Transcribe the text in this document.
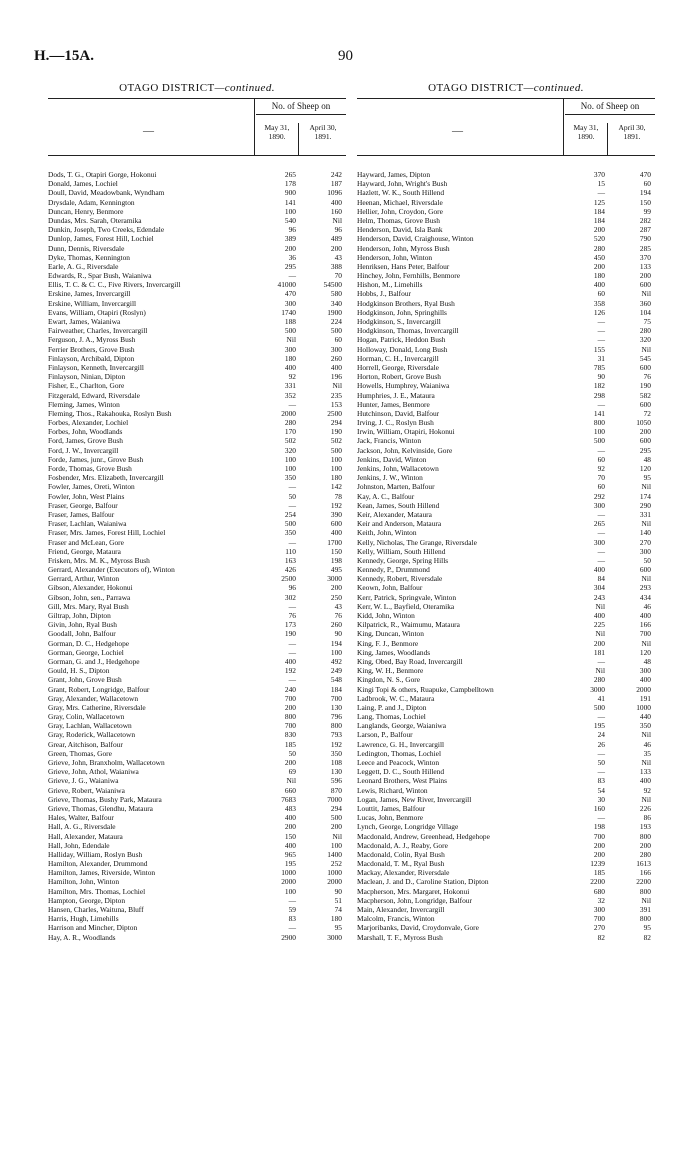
H.—15A.	90
OTAGO DISTRICT—continued.
—
No. of Sheep on
May 31,
1890.
April 30,
1891.
Dods, T. G., Otapiri Gorge, Hokonui	265	242
Donald, James, Lochiel	178	187
Doull, David, Meadowbank, Wyndham	900	1096
Drysdale, Adam, Kennington	141	400
Duncan, Henry, Benmore	100	160
Dundas, Mrs. Sarah, Oteramika	540	Nil
Dunkin, Joseph, Two Creeks, Edendale	96	96
Dunlop, James, Forest Hill, Lochiel	389	489
Dunn, Dennis, Riversdale	200	200
Dyke, Thomas, Kennington	36	43
Earle, A. G., Riversdale	295	388
Edwards, R., Spar Bush, Waianiwa	—	70
Ellis, T. C. & C. C., Five Rivers, Invercargill	41000	54500
Erskine, James, Invercargill	470	580
Erskine, William, Invercargill	300	340
Evans, William, Otapiri (Roslyn)	1740	1900
Ewart, James, Waianiwa	188	224
Fairweather, Charles, Invercargill	500	500
Ferguson, J. A., Myross Bush	Nil	60
Ferrier Brothers, Grove Bush	300	300
Finlayson, Archibald, Dipton	180	260
Finlayson, Kenneth, Invercargill	400	400
Finlayson, Ninian, Dipton	92	196
Fisher, E., Charlton, Gore	331	Nil
Fitzgerald, Edward, Riversdale	352	235
Fleming, James, Winton	—	153
Fleming, Thos., Rakahouka, Roslyn Bush	2000	2500
Forbes, Alexander, Lochiel	280	294
Forbes, John, Woodlands	170	190
Ford, James, Grove Bush	502	502
Ford, J. W., Invercargill	320	500
Forde, James, junr., Grove Bush	100	100
Forde, Thomas, Grove Bush	100	100
Fosbender, Mrs. Elizabeth, Invercargill	350	180
Fowler, James, Oreti, Winton	—	142
Fowler, John, West Plains	50	78
Fraser, George, Balfour	—	192
Fraser, James, Balfour	254	390
Fraser, Lachlan, Waianiwa	500	600
Fraser, Mrs. James, Forest Hill, Lochiel	350	400
Fraser and McLean, Gore	—	1700
Friend, George, Mataura	110	150
Frisken, Mrs. M. K., Myross Bush	163	198
Gerrard, Alexander (Executors of), Winton	426	495
Gerrard, Arthur, Winton	2500	3000
Gibson, Alexander, Hokonui	96	200
Gibson, John, sen., Parrawa	302	250
Gill, Mrs. Mary, Ryal Bush	—	43
Giltrap, John, Dipton	76	76
Givin, John, Ryal Bush	173	260
Goodall, John, Balfour	190	90
Gorman, D. C., Hedgehope	—	194
Gorman, George, Lochiel	—	100
Gorman, G. and J., Hedgehope	400	492
Gould, H. S., Dipton	192	249
Grant, John, Grove Bush	—	548
Grant, Robert, Longridge, Balfour	240	184
Gray, Alexander, Wallacetown	700	700
Gray, Mrs. Catherine, Riversdale	200	130
Gray, Colin, Wallacetown	800	796
Gray, Lachlan, Wallacetown	700	800
Gray, Roderick, Wallacetown	830	793
Grear, Aitchison, Balfour	185	192
Green, Thomas, Gore	50	350
Grieve, John, Branxholm, Wallacetown	200	108
Grieve, John, Athol, Waianiwa	69	130
Grieve, J. G., Waianiwa	Nil	596
Grieve, Robert, Waianiwa	660	870
Grieve, Thomas, Bushy Park, Mataura	7683	7000
Grieve, Thomas, Glendhu, Mataura	483	294
Hales, Walter, Balfour	400	500
Hall, A. G., Riversdale	200	200
Hall, Alexander, Mataura	150	Nil
Hall, John, Edendale	400	100
Halliday, William, Roslyn Bush	965	1400
Hamilton, Alexander, Drummond	195	252
Hamilton, James, Riverside, Winton	1000	1000
Hamilton, John, Winton	2000	2000
Hamilton, Mrs. Thomas, Lochiel	100	90
Hampton, George, Dipton	—	51
Hansen, Charles, Waituna, Bluff	59	74
Harris, Hugh, Limehills	83	180
Harrison and Mincher, Dipton	—	95
Hay, A. R., Woodlands	2900	3000
OTAGO DISTRICT—continued.
—
No. of Sheep on
May 31,
1890.
April 30,
1891.
Hayward, James, Dipton	370	470
Hayward, John, Wright's Bush	15	60
Hazlett, W. K., South Hillend	—	194
Heenan, Michael, Riversdale	125	150
Hellier, John, Croydon, Gore	184	99
Helm, Thomas, Grove Bush	184	282
Henderson, David, Isla Bank	200	287
Henderson, David, Craighouse, Winton	520	790
Henderson, John, Myross Bush	280	285
Henderson, John, Winton	450	370
Henriksen, Hans Peter, Balfour	200	133
Hinchey, John, Fernhills, Benmore	180	200
Hishon, M., Limehills	400	600
Hobbs, J., Balfour	60	Nil
Hodgkinson Brothers, Ryal Bush	358	360
Hodgkinson, John, Springhills	126	104
Hodgkinson, S., Invercargill	—	75
Hodgkinson, Thomas, Invercargill	—	280
Hogan, Patrick, Heddon Bush	—	320
Holloway, Donald, Long Bush	155	Nil
Horman, C. H., Invercargill	31	545
Horrell, George, Riversdale	785	600
Horton, Robert, Grove Bush	90	76
Howells, Humphrey, Waianiwa	182	190
Humphries, J. E., Mataura	298	582
Hunter, James, Benmore	—	600
Hutchinson, David, Balfour	141	72
Irving, J. C., Roslyn Bush	800	1050
Irwin, William, Otapiri, Hokonui	100	200
Jack, Francis, Winton	500	600
Jackson, John, Kelvinside, Gore	—	295
Jenkins, David, Winton	60	48
Jenkins, John, Wallacetown	92	120
Jenkins, J. W., Winton	70	95
Johnston, Marten, Balfour	60	Nil
Kay, A. C., Balfour	292	174
Kean, James, South Hillend	300	290
Keir, Alexander, Mataura	—	331
Keir and Anderson, Mataura	265	Nil
Keith, John, Winton	—	140
Kelly, Nicholas, The Grange, Riversdale	300	270
Kelly, William, South Hillend	—	300
Kennedy, George, Spring Hills	—	50
Kennedy, P., Drummond	400	600
Kennedy, Robert, Riversdale	84	Nil
Keown, John, Balfour	304	293
Kerr, Patrick, Springvale, Winton	243	434
Kerr, W. L., Bayfield, Oteramika	Nil	46
Kidd, John, Winton	400	400
Kilpatrick, R., Waimumu, Mataura	225	166
King, Duncan, Winton	Nil	700
King, F. J., Benmore	200	Nil
King, James, Woodlands	181	120
King, Obed, Bay Road, Invercargill	—	48
King, W. H., Benmore	Nil	300
Kingdon, N. S., Gore	280	400
Kingi Topi & others, Ruapuke, Campbelltown	3000	2000
Ladbrook, W. C., Mataura	41	191
Laing, P. and J., Dipton	500	1000
Lang, Thomas, Lochiel	—	440
Langlands, George, Waianiwa	195	350
Larson, P., Balfour	24	Nil
Lawrence, G. H., Invercargill	26	46
Ledington, Thomas, Lochiel	—	35
Leece and Peacock, Winton	50	Nil
Leggett, D. C., South Hillend	—	133
Leonard Brothers, West Plains	83	400
Lewis, Richard, Winton	54	92
Logan, James, New River, Invercargill	30	Nil
Louttit, James, Balfour	160	226
Lucas, John, Benmore	—	86
Lynch, George, Longridge Village	198	193
Macdonald, Andrew, Greenhead, Hedgehope	700	800
Macdonald, A. J., Reaby, Gore	200	200
Macdonald, Colin, Ryal Bush	200	280
Macdonald, T. M., Ryal Bush	1239	1613
Mackay, Alexander, Riversdale	185	166
Maclean, J. and D., Caroline Station, Dipton	2200	2200
Macpherson, Mrs. Margaret, Hokonui	680	800
Macpherson, John, Longridge, Balfour	32	Nil
Main, Alexander, Invercargill	300	391
Malcolm, Francis, Winton	700	800
Marjoribanks, David, Croydonvale, Gore	270	95
Marshall, T. F., Myross Bush	82	82
